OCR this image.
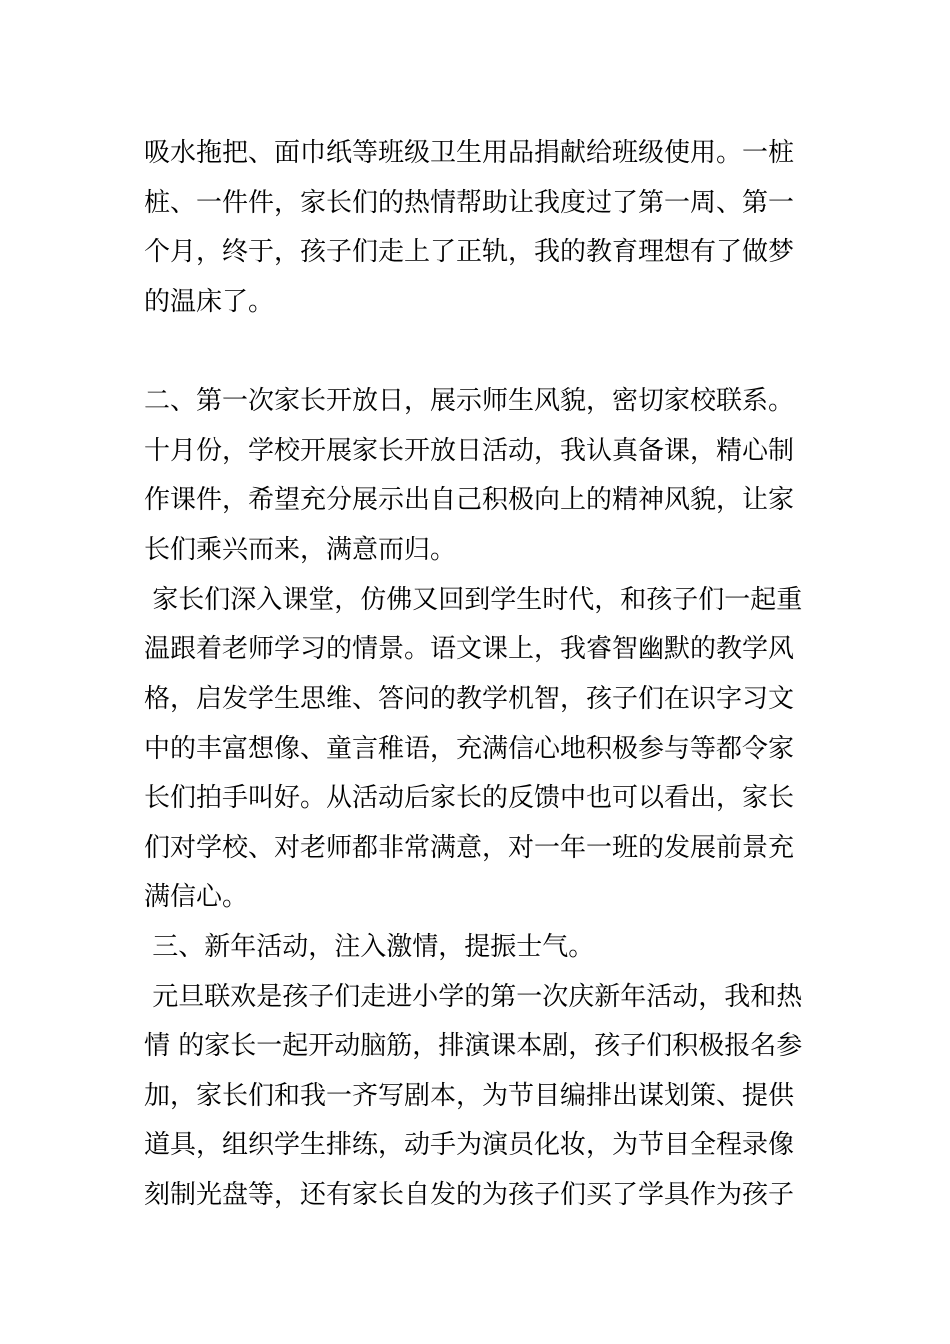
吸水拖把、面巾纸等班级卫生用品捐献给班级使用。一桩
桩、一件件，家长们的热情帮助让我度过了第一周、第一
个月，终于，孩子们走上了正轨，我的教育理想有了做梦
的温床了。
二、第一次家长开放日，展示师生风貌，密切家校联系。
十月份，学校开展家长开放日活动，我认真备课，精心制
作课件，希望充分展示出自己积极向上的精神风貌，让家
长们乘兴而来，满意而归。
家长们深入课堂，仿佛又回到学生时代，和孩子们一起重
温跟着老师学习的情景。语文课上，我睿智幽默的教学风
格，启发学生思维、答问的教学机智，孩子们在识字习文
中的丰富想像、童言稚语，充满信心地积极参与等都令家
长们拍手叫好。从活动后家长的反馈中也可以看出，家长
们对学校、对老师都非常满意，对一年一班的发展前景充
满信心。
三、新年活动，注入激情，提振士气。
元旦联欢是孩子们走进小学的第一次庆新年活动，我和热
情 的家长一起开动脑筋，排演课本剧，孩子们积极报名参
加，家长们和我一齐写剧本，为节目编排出谋划策、提供
道具，组织学生排练，动手为演员化妆，为节目全程录像
刻制光盘等，还有家长自发的为孩子们买了学具作为孩子
